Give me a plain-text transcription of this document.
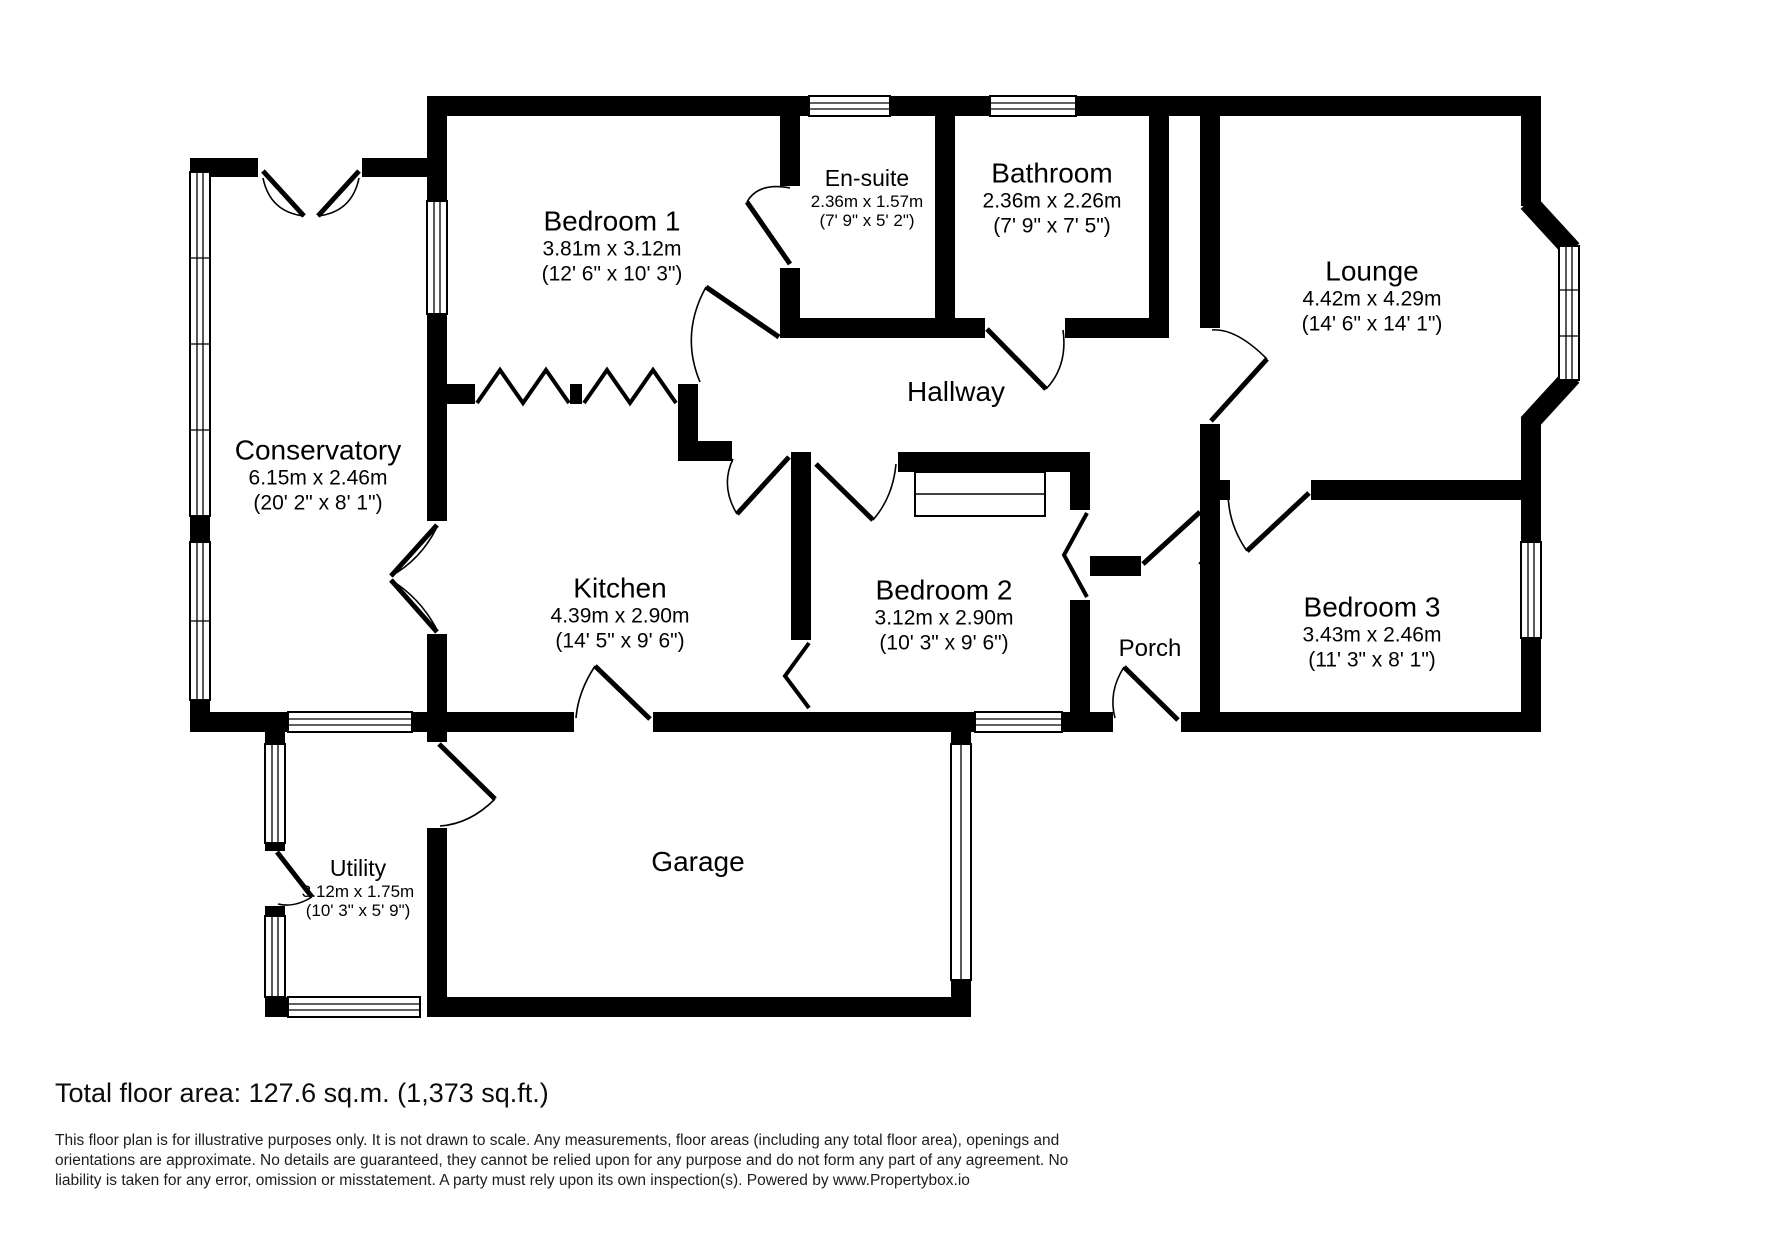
Bedroom 1
3.81m x 3.12m
(12' 6" x 10' 3")
En-suite
2.36m x 1.57m
(7' 9" x 5' 2")
Bathroom
2.36m x 2.26m
(7' 9" x 7' 5")
Lounge
4.42m x 4.29m
(14' 6" x 14' 1")
Conservatory
6.15m x 2.46m
(20' 2" x 8' 1")
Hallway
Kitchen
4.39m x 2.90m
(14' 5" x 9' 6")
Bedroom 2
3.12m x 2.90m
(10' 3" x 9' 6")	Porch
Bedroom 3
3.43m x 2.46m
(11' 3" x 8' 1")
Utility
3.12m x 1.75m
(10' 3" x 5' 9")
Garage

Total floor area: 127.6 sq.m. (1,373 sq.ft.)

This floor plan is for illustrative purposes only. It is not drawn to scale. Any measurements, floor areas (including any total floor area), openings and orientations are approximate. No details are guaranteed, they cannot be relied upon for any purpose and do not form any part of any agreement. No liability is taken for any error, omission or misstatement. A party must rely upon its own inspection(s). Powered by www.Propertybox.io
